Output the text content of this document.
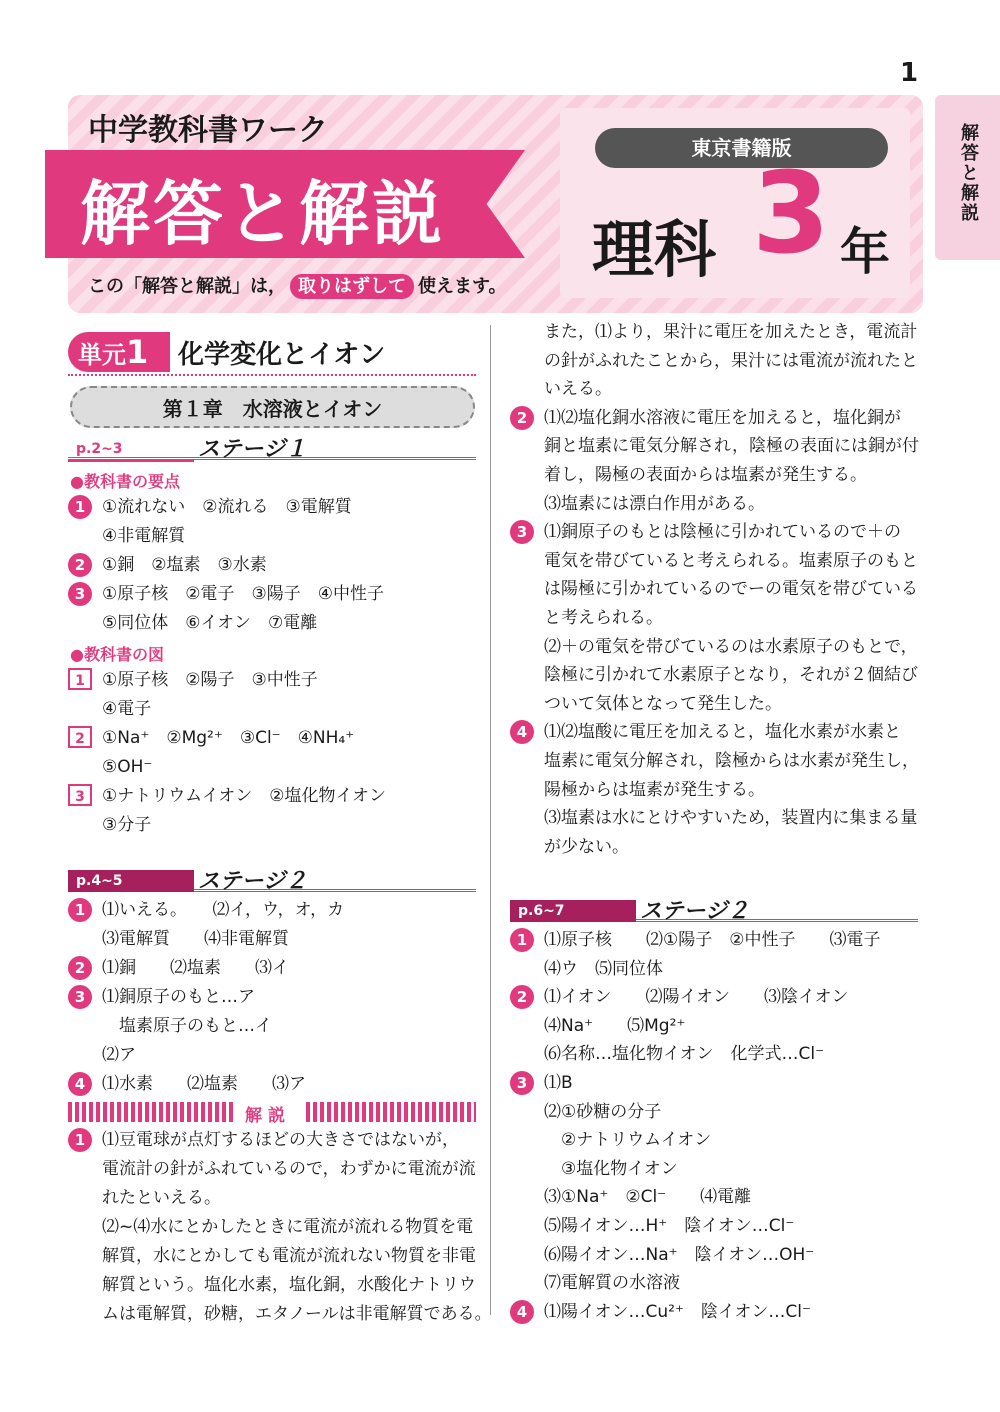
1
解答と解説
中学教科書ワーク
解答と解説
この「解答と解説」は， 取りはずして 使えます。
東京書籍版
理科 3 年
単元1	化学変化とイオン
第１章　水溶液とイオン
p.2~3	ステージ１
●教科書の要点
1 ①流れない　②流れる　③電解質
④非電解質
2 ①銅　②塩素　③水素
3 ①原子核　②電子　③陽子　④中性子
⑤同位体　⑥イオン　⑦電離
●教科書の図
1	①原子核　②陽子　③中性子
④電子
2	①Na⁺　②Mg²⁺　③Cl⁻　④NH₄⁺
⑤OH⁻
3	①ナトリウムイオン　②塩化物イオン
③分子
p.4~5	ステージ２
1 ⑴いえる。　　⑵イ，ウ，オ，カ
⑶電解質　　⑷非電解質
2 ⑴銅　　⑵塩素　　⑶イ
3 ⑴銅原子のもと…ア
　塩素原子のもと…イ
⑵ア
4 ⑴水素　　⑵塩素　　⑶ア
解説
1 ⑴豆電球が点灯するほどの大きさではないが，
電流計の針がふれているので，わずかに電流が流
れたといえる。
⑵~⑷水にとかしたときに電流が流れる物質を電
解質，水にとかしても電流が流れない物質を非電
解質という。塩化水素，塩化銅，水酸化ナトリウ
ムは電解質，砂糖，エタノールは非電解質である。
また，⑴より，果汁に電圧を加えたとき，電流計
の針がふれたことから，果汁には電流が流れたと
いえる。
2 ⑴⑵塩化銅水溶液に電圧を加えると，塩化銅が
銅と塩素に電気分解され，陰極の表面には銅が付
着し，陽極の表面からは塩素が発生する。
⑶塩素には漂白作用がある。
3 ⑴銅原子のもとは陰極に引かれているので＋の
電気を帯びていると考えられる。塩素原子のもと
は陽極に引かれているのでーの電気を帯びている
と考えられる。
⑵＋の電気を帯びているのは水素原子のもとで，
陰極に引かれて水素原子となり，それが２個結び
ついて気体となって発生した。
4 ⑴⑵塩酸に電圧を加えると，塩化水素が水素と
塩素に電気分解され，陰極からは水素が発生し，
陽極からは塩素が発生する。
⑶塩素は水にとけやすいため，装置内に集まる量
が少ない。
p.6~7	ステージ２
1 ⑴原子核　　⑵①陽子　②中性子　　⑶電子
⑷ウ　⑸同位体
2 ⑴イオン　　⑵陽イオン　　⑶陰イオン
⑷Na⁺　　⑸Mg²⁺
⑹名称…塩化物イオン　化学式…Cl⁻
3 ⑴B
⑵①砂糖の分子
　②ナトリウムイオン
　③塩化物イオン
⑶①Na⁺　②Cl⁻　　⑷電離
⑸陽イオン…H⁺　陰イオン…Cl⁻
⑹陽イオン…Na⁺　陰イオン…OH⁻
⑺電解質の水溶液
4 ⑴陽イオン…Cu²⁺　陰イオン…Cl⁻
